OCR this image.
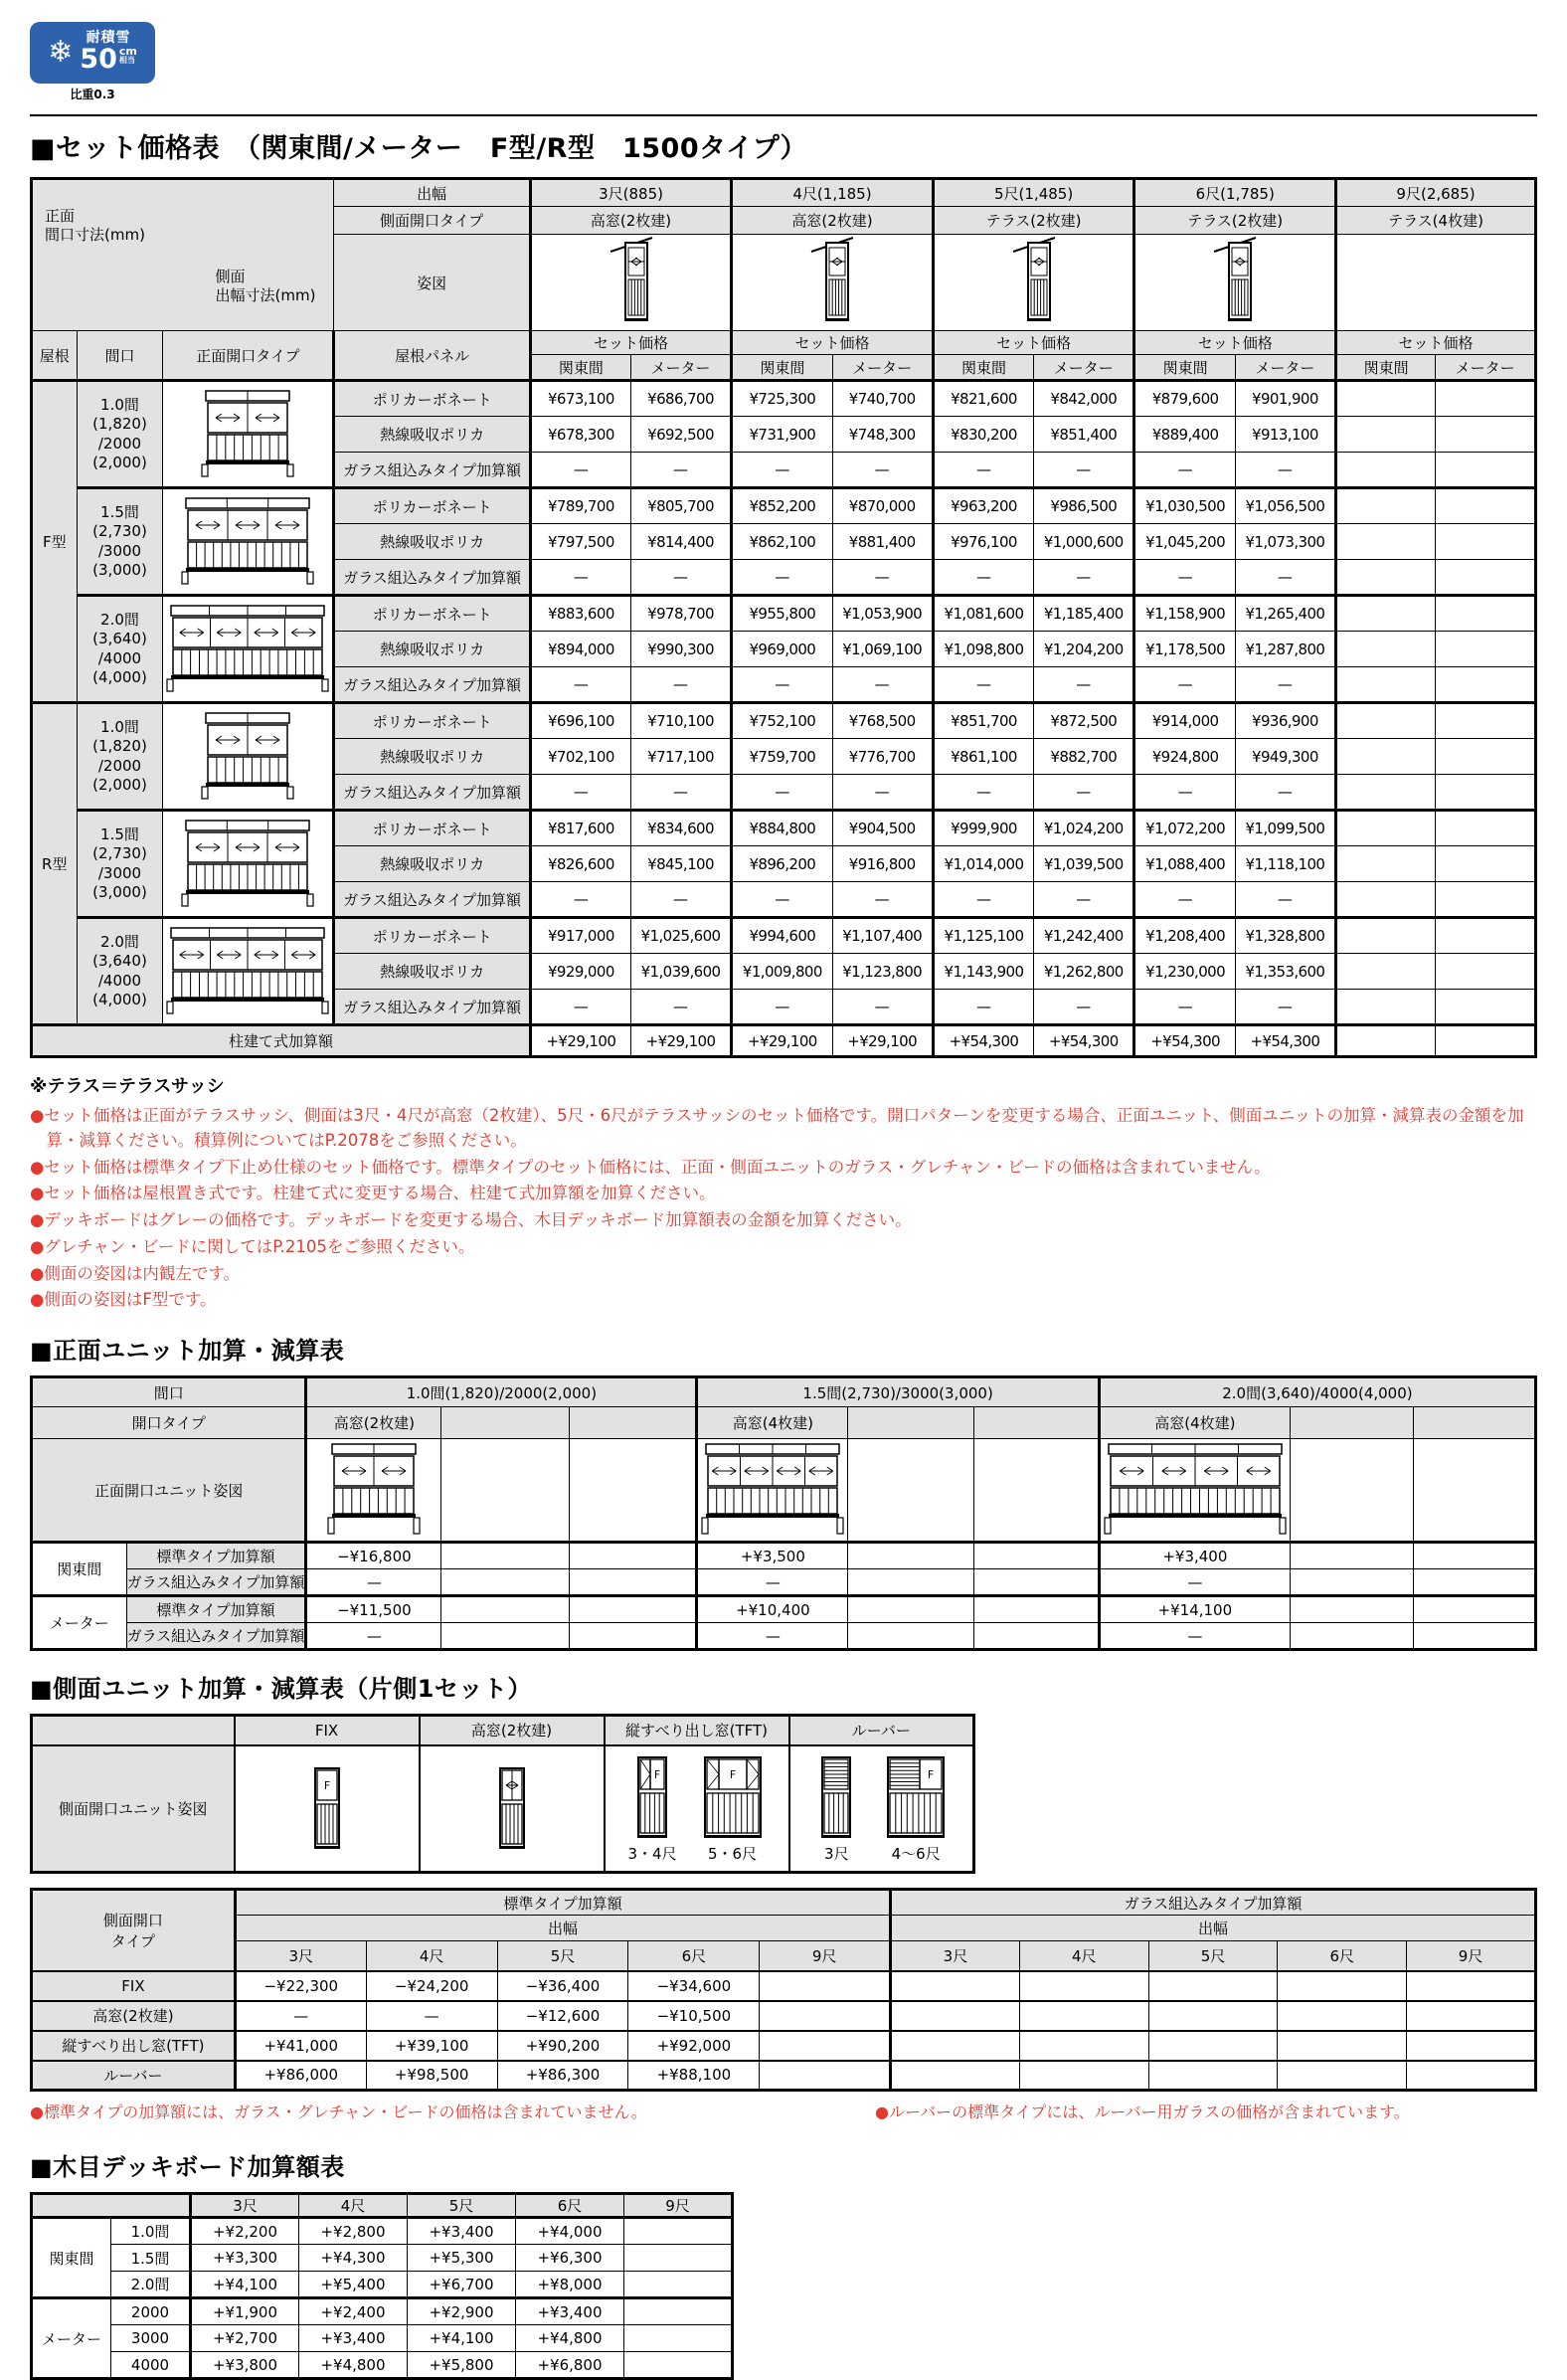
❄ 耐積雪
50 cm
相当
比重0.3
■セット価格表　（関東間/メーター　F型/R型　1500タイプ）
側面
出幅寸法(mm)
正面
間口寸法(mm)			出幅	3尺(885)		4尺(1,185)		5尺(1,485)		6尺(1,785)		9尺(2,685)	
			側面開口タイプ	高窓(2枚建)		高窓(2枚建)		テラス(2枚建)		テラス(2枚建)		テラス(4枚建)	
			姿図					
屋根	間口	正面開口タイプ	屋根パネル	セット価格		セット価格		セット価格		セット価格		セット価格	
				関東間	メーター	関東間	メーター	関東間	メーター	関東間	メーター	関東間	メーター
F型	1.0間
(1,820)
/2000
(2,000)		ポリカーボネート	¥673,100	¥686,700	¥725,300	¥740,700	¥821,600	¥842,000	¥879,600	¥901,900		
			熱線吸収ポリカ	¥678,300	¥692,500	¥731,900	¥748,300	¥830,200	¥851,400	¥889,400	¥913,100		
			ガラス組込みタイプ加算額	—	—	—	—	—	—	—	—		
	1.5間
(2,730)
/3000
(3,000)		ポリカーボネート	¥789,700	¥805,700	¥852,200	¥870,000	¥963,200	¥986,500	¥1,030,500	¥1,056,500		
			熱線吸収ポリカ	¥797,500	¥814,400	¥862,100	¥881,400	¥976,100	¥1,000,600	¥1,045,200	¥1,073,300		
			ガラス組込みタイプ加算額	—	—	—	—	—	—	—	—		
	2.0間
(3,640)
/4000
(4,000)		ポリカーボネート	¥883,600	¥978,700	¥955,800	¥1,053,900	¥1,081,600	¥1,185,400	¥1,158,900	¥1,265,400		
			熱線吸収ポリカ	¥894,000	¥990,300	¥969,000	¥1,069,100	¥1,098,800	¥1,204,200	¥1,178,500	¥1,287,800		
			ガラス組込みタイプ加算額	—	—	—	—	—	—	—	—		
R型	1.0間
(1,820)
/2000
(2,000)		ポリカーボネート	¥696,100	¥710,100	¥752,100	¥768,500	¥851,700	¥872,500	¥914,000	¥936,900		
			熱線吸収ポリカ	¥702,100	¥717,100	¥759,700	¥776,700	¥861,100	¥882,700	¥924,800	¥949,300		
			ガラス組込みタイプ加算額	—	—	—	—	—	—	—	—		
	1.5間
(2,730)
/3000
(3,000)		ポリカーボネート	¥817,600	¥834,600	¥884,800	¥904,500	¥999,900	¥1,024,200	¥1,072,200	¥1,099,500		
			熱線吸収ポリカ	¥826,600	¥845,100	¥896,200	¥916,800	¥1,014,000	¥1,039,500	¥1,088,400	¥1,118,100		
			ガラス組込みタイプ加算額	—	—	—	—	—	—	—	—		
	2.0間
(3,640)
/4000
(4,000)		ポリカーボネート	¥917,000	¥1,025,600	¥994,600	¥1,107,400	¥1,125,100	¥1,242,400	¥1,208,400	¥1,328,800		
			熱線吸収ポリカ	¥929,000	¥1,039,600	¥1,009,800	¥1,123,800	¥1,143,900	¥1,262,800	¥1,230,000	¥1,353,600		
			ガラス組込みタイプ加算額	—	—	—	—	—	—	—	—		
柱建て式加算額				+¥29,100	+¥29,100	+¥29,100	+¥29,100	+¥54,300	+¥54,300	+¥54,300	+¥54,300		
※テラス＝テラスサッシ
●セット価格は正面がテラスサッシ、側面は3尺・4尺が高窓（2枚建）、5尺・6尺がテラスサッシのセット価格です。開口パターンを変更する場合、正面ユニット、側面ユニットの加算・減算表の金額を加算・減算ください。積算例についてはP.2078をご参照ください。
●セット価格は標準タイプ下止め仕様のセット価格です。標準タイプのセット価格には、正面・側面ユニットのガラス・グレチャン・ビードの価格は含まれていません。
●セット価格は屋根置き式です。柱建て式に変更する場合、柱建て式加算額を加算ください。
●デッキボードはグレーの価格です。デッキボードを変更する場合、木目デッキボード加算額表の金額を加算ください。
●グレチャン・ビードに関してはP.2105をご参照ください。
●側面の姿図は内観左です。
●側面の姿図はF型です。
■正面ユニット加算・減算表
間口		1.0間(1,820)/2000(2,000)			1.5間(2,730)/3000(3,000)			2.0間(3,640)/4000(4,000)		
開口タイプ		高窓(2枚建)			高窓(4枚建)			高窓(4枚建)		
正面開口ユニット姿図									
関東間	標準タイプ加算額	−¥16,800			+¥3,500			+¥3,400		
	ガラス組込みタイプ加算額	—			—			—		
メーター	標準タイプ加算額	−¥11,500			+¥10,400			+¥14,100		
	ガラス組込みタイプ加算額	—			—			—		
■側面ユニット加算・減算表（片側1セット）
	FIX	高窓(2枚建)	縦すべり出し窓(TFT)	ルーバー
側面開口ユニット姿図	
F

F
3・4尺
F
5・6尺	3尺
F
4～6尺
側面開口
タイプ	標準タイプ加算額					ガラス組込みタイプ加算額				
	出幅					出幅				
	3尺	4尺	5尺	6尺	9尺	3尺	4尺	5尺	6尺	9尺
FIX	−¥22,300	−¥24,200	−¥36,400	−¥34,600						
高窓(2枚建)	—	—	−¥12,600	−¥10,500						
縦すべり出し窓(TFT)	+¥41,000	+¥39,100	+¥90,200	+¥92,000						
ルーバー	+¥86,000	+¥98,500	+¥86,300	+¥88,100						
●標準タイプの加算額には、ガラス・グレチャン・ビードの価格は含まれていません。	●ルーバーの標準タイプには、ルーバー用ガラスの価格が含まれています。
■木目デッキボード加算額表
		3尺	4尺	5尺	6尺	9尺
関東間	1.0間	+¥2,200	+¥2,800	+¥3,400	+¥4,000	
	1.5間	+¥3,300	+¥4,300	+¥5,300	+¥6,300	
	2.0間	+¥4,100	+¥5,400	+¥6,700	+¥8,000	
メーター	2000	+¥1,900	+¥2,400	+¥2,900	+¥3,400	
	3000	+¥2,700	+¥3,400	+¥4,100	+¥4,800	
	4000	+¥3,800	+¥4,800	+¥5,800	+¥6,800	
